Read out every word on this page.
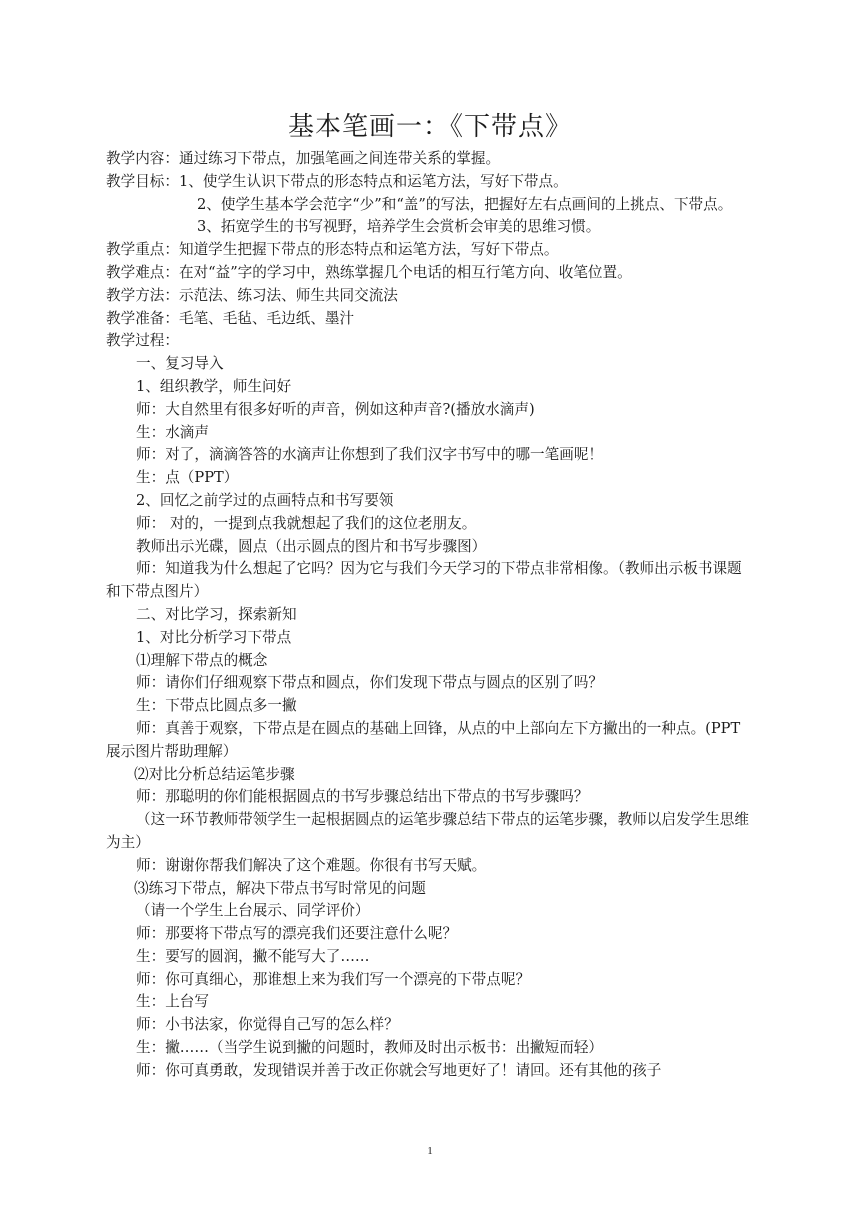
基本笔画一：《下带点》
教学内容：通过练习下带点，加强笔画之间连带关系的掌握。
教学目标：1、使学生认识下带点的形态特点和运笔方法，写好下带点。
2、使学生基本学会范字“少”和“盖”的写法，把握好左右点画间的上挑点、下带点。
3、拓宽学生的书写视野，培养学生会赏析会审美的思维习惯。
教学重点：知道学生把握下带点的形态特点和运笔方法，写好下带点。
教学难点：在对“益”字的学习中，熟练掌握几个电话的相互行笔方向、收笔位置。
教学方法：示范法、练习法、师生共同交流法
教学准备：毛笔、毛毡、毛边纸、墨汁
教学过程：
一、复习导入
1、组织教学，师生问好
师：大自然里有很多好听的声音，例如这种声音?(播放水滴声)
生：水滴声
师：对了，滴滴答答的水滴声让你想到了我们汉字书写中的哪一笔画呢！
生：点（PPT）
2、回忆之前学过的点画特点和书写要领
师： 对的，一提到点我就想起了我们的这位老朋友。
教师出示光碟，圆点（出示圆点的图片和书写步骤图）
师：知道我为什么想起了它吗？因为它与我们今天学习的下带点非常相像。（教师出示板书课题和下带点图片）
二、对比学习，探索新知
1、对比分析学习下带点
⑴理解下带点的概念
师：请你们仔细观察下带点和圆点，你们发现下带点与圆点的区别了吗？
生：下带点比圆点多一撇
师：真善于观察，下带点是在圆点的基础上回锋，从点的中上部向左下方撇出的一种点。(PPT 展示图片帮助理解）
⑵对比分析总结运笔步骤
师：那聪明的你们能根据圆点的书写步骤总结出下带点的书写步骤吗？
（这一环节教师带领学生一起根据圆点的运笔步骤总结下带点的运笔步骤，教师以启发学生思维为主）
师：谢谢你帮我们解决了这个难题。你很有书写天赋。
⑶练习下带点，解决下带点书写时常见的问题
（请一个学生上台展示、同学评价）
师：那要将下带点写的漂亮我们还要注意什么呢？
生：要写的圆润，撇不能写大了……
师：你可真细心，那谁想上来为我们写一个漂亮的下带点呢？
生：上台写
师：小书法家，你觉得自己写的怎么样？
生：撇……（当学生说到撇的问题时，教师及时出示板书：出撇短而轻）
师：你可真勇敢，发现错误并善于改正你就会写地更好了！请回。还有其他的孩子
1
